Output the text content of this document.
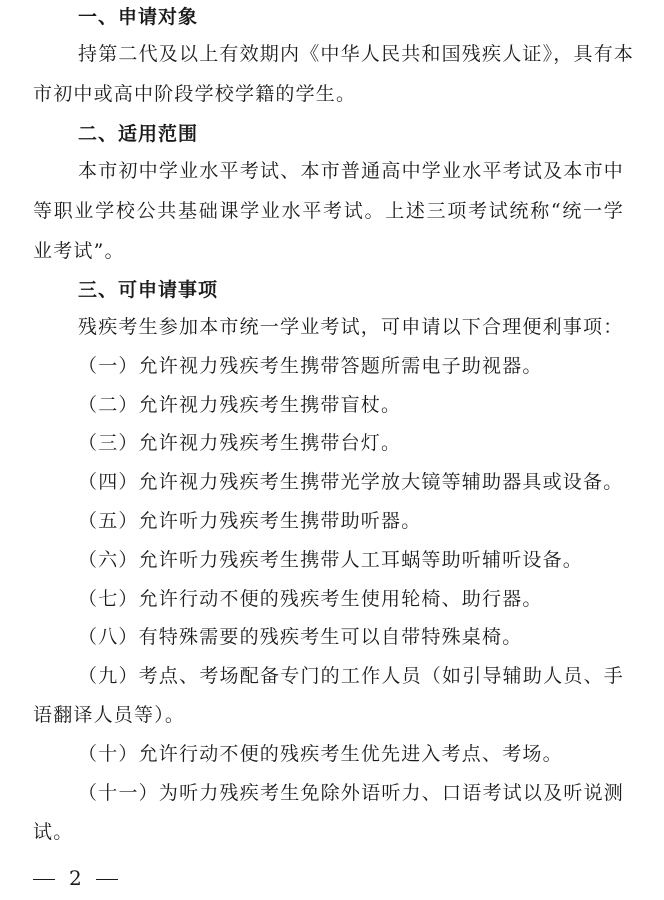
一、申请对象
持第二代及以上有效期内《中华人民共和国残疾人证》，具有本
市初中或高中阶段学校学籍的学生。
二、适用范围
本市初中学业水平考试、本市普通高中学业水平考试及本市中
等职业学校公共基础课学业水平考试。上述三项考试统称“统一学
业考试”。
三、可申请事项
残疾考生参加本市统一学业考试，可申请以下合理便利事项：
（一）允许视力残疾考生携带答题所需电子助视器。
（二）允许视力残疾考生携带盲杖。
（三）允许视力残疾考生携带台灯。
（四）允许视力残疾考生携带光学放大镜等辅助器具或设备。
（五）允许听力残疾考生携带助听器。
（六）允许听力残疾考生携带人工耳蜗等助听辅听设备。
（七）允许行动不便的残疾考生使用轮椅、助行器。
（八）有特殊需要的残疾考生可以自带特殊桌椅。
（九）考点、考场配备专门的工作人员（如引导辅助人员、手
语翻译人员等）。
（十）允许行动不便的残疾考生优先进入考点、考场。
（十一）为听力残疾考生免除外语听力、口语考试以及听说测
试。
2
